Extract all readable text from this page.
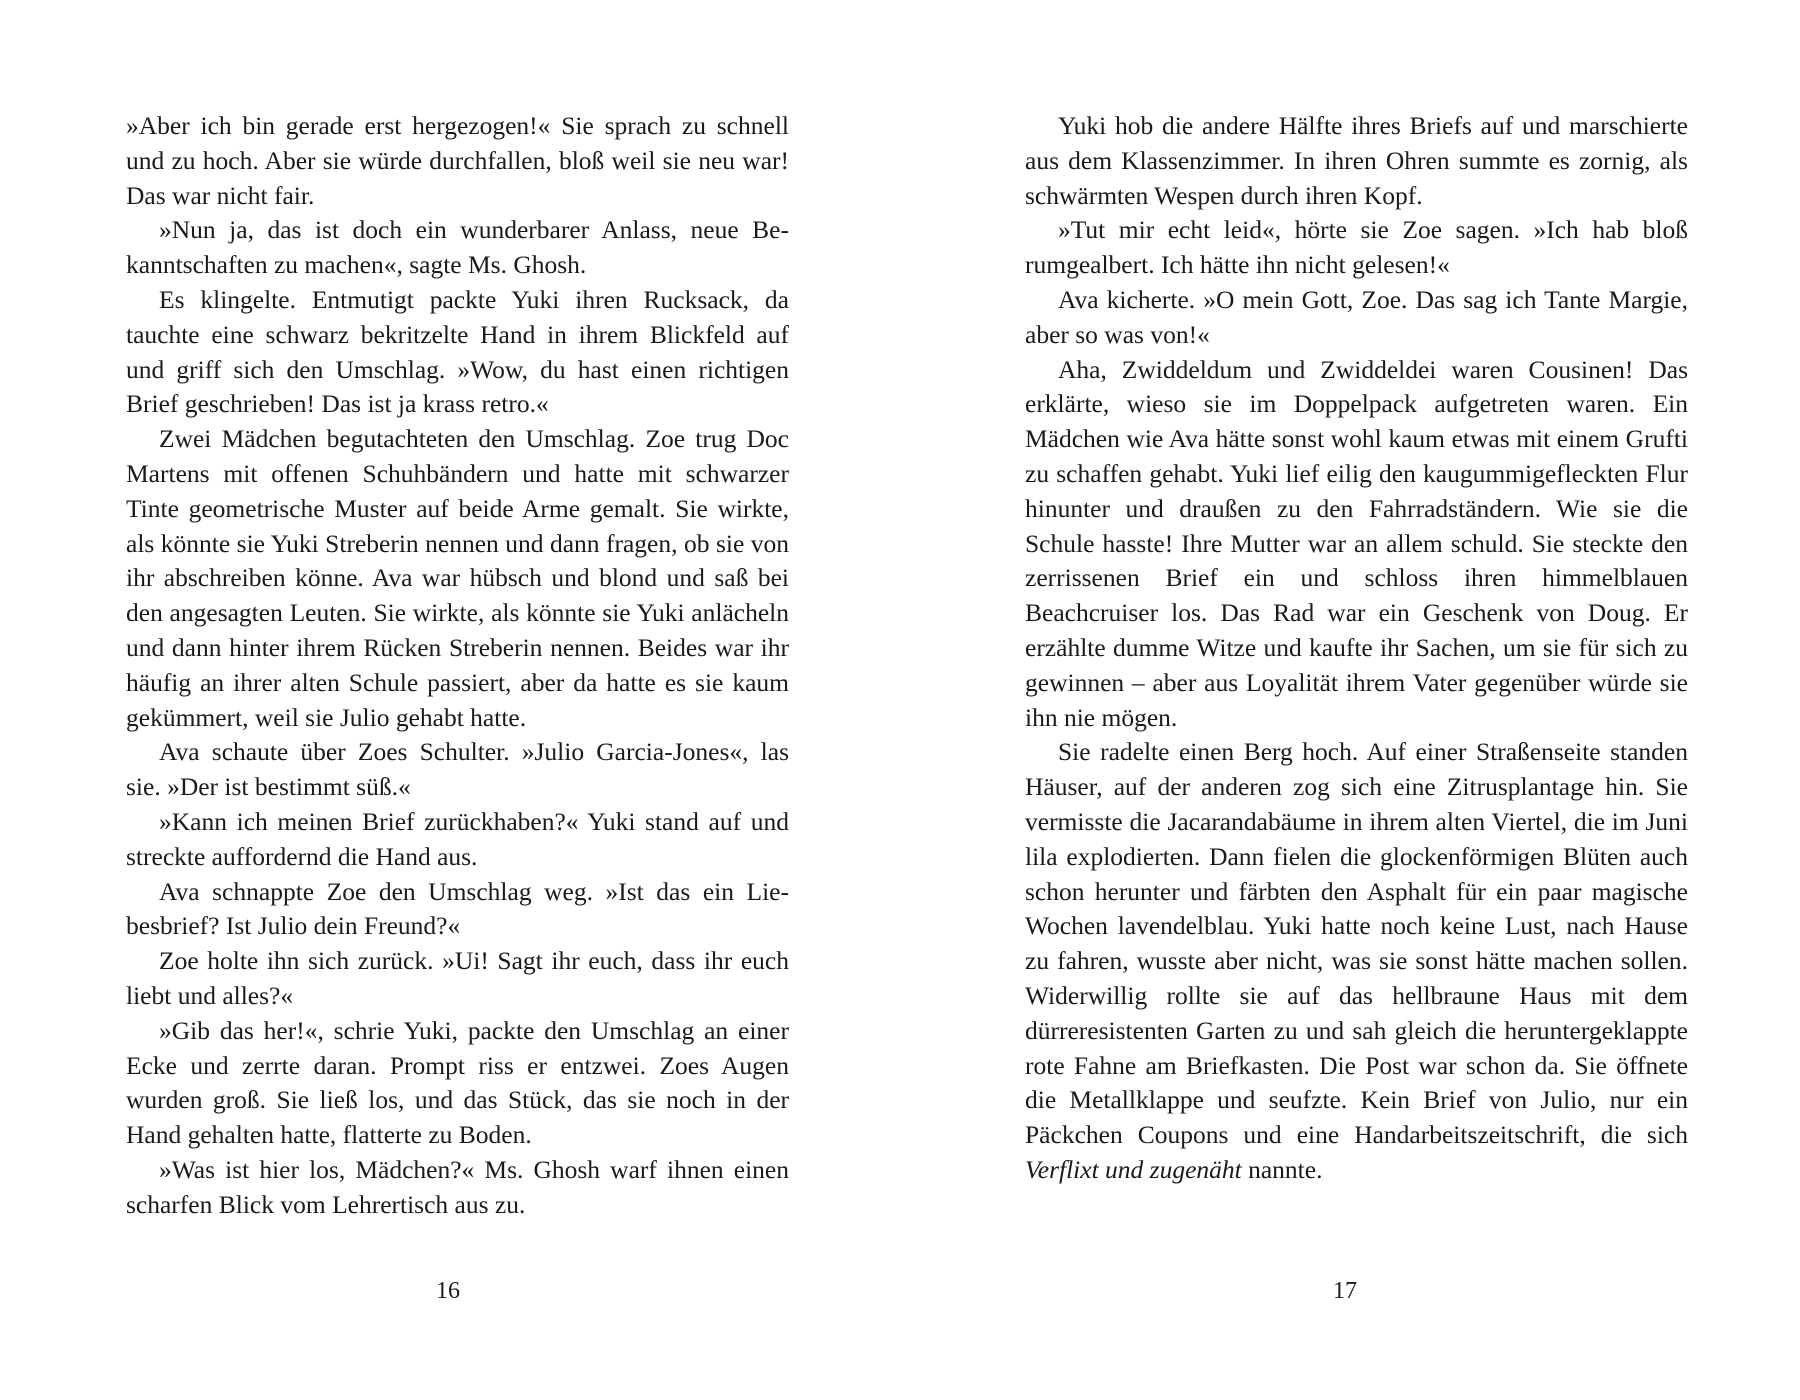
»Aber ich bin gerade erst hergezogen!« Sie sprach zu schnell und zu hoch. Aber sie würde durchfallen, bloß weil sie neu war! Das war nicht fair.

»Nun ja, das ist doch ein wunderbarer Anlass, neue Bekanntschaften zu machen«, sagte Ms. Ghosh.

Es klingelte. Entmutigt packte Yuki ihren Rucksack, da tauchte eine schwarz bekritzelte Hand in ihrem Blickfeld auf und griff sich den Umschlag. »Wow, du hast einen richtigen Brief geschrieben! Das ist ja krass retro.«

Zwei Mädchen begutachteten den Umschlag. Zoe trug Doc Martens mit offenen Schuhbändern und hatte mit schwarzer Tinte geometrische Muster auf beide Arme gemalt. Sie wirkte, als könnte sie Yuki Streberin nennen und dann fragen, ob sie von ihr abschreiben könne. Ava war hübsch und blond und saß bei den angesagten Leuten. Sie wirkte, als könnte sie Yuki anlächeln und dann hinter ihrem Rücken Streberin nennen. Beides war ihr häufig an ihrer alten Schule passiert, aber da hatte es sie kaum gekümmert, weil sie Julio gehabt hatte.

Ava schaute über Zoes Schulter. »Julio Garcia-Jones«, las sie. »Der ist bestimmt süß.«

»Kann ich meinen Brief zurückhaben?« Yuki stand auf und streckte auffordernd die Hand aus.

Ava schnappte Zoe den Umschlag weg. »Ist das ein Liebesbrief? Ist Julio dein Freund?«

Zoe holte ihn sich zurück. »Ui! Sagt ihr euch, dass ihr euch liebt und alles?«

»Gib das her!«, schrie Yuki, packte den Umschlag an einer Ecke und zerrte daran. Prompt riss er entzwei. Zoes Augen wurden groß. Sie ließ los, und das Stück, das sie noch in der Hand gehalten hatte, flatterte zu Boden.

»Was ist hier los, Mädchen?« Ms. Ghosh warf ihnen einen scharfen Blick vom Lehrertisch aus zu.

16

Yuki hob die andere Hälfte ihres Briefs auf und marschierte aus dem Klassenzimmer. In ihren Ohren summte es zornig, als schwärmten Wespen durch ihren Kopf.

»Tut mir echt leid«, hörte sie Zoe sagen. »Ich hab bloß rumgealbert. Ich hätte ihn nicht gelesen!«

Ava kicherte. »O mein Gott, Zoe. Das sag ich Tante Margie, aber so was von!«

Aha, Zwiddeldum und Zwiddeldei waren Cousinen! Das erklärte, wieso sie im Doppelpack aufgetreten waren. Ein Mädchen wie Ava hätte sonst wohl kaum etwas mit einem Grufti zu schaffen gehabt. Yuki lief eilig den kaugummigefleckten Flur hinunter und draußen zu den Fahrradständern. Wie sie die Schule hasste! Ihre Mutter war an allem schuld. Sie steckte den zerrissenen Brief ein und schloss ihren himmelblauen Beachcruiser los. Das Rad war ein Geschenk von Doug. Er erzählte dumme Witze und kaufte ihr Sachen, um sie für sich zu gewinnen – aber aus Loyalität ihrem Vater gegenüber würde sie ihn nie mögen.

Sie radelte einen Berg hoch. Auf einer Straßenseite standen Häuser, auf der anderen zog sich eine Zitrusplantage hin. Sie vermisste die Jacarandabäume in ihrem alten Viertel, die im Juni lila explodierten. Dann fielen die glockenförmigen Blüten auch schon herunter und färbten den Asphalt für ein paar magische Wochen lavendelblau. Yuki hatte noch keine Lust, nach Hause zu fahren, wusste aber nicht, was sie sonst hätte machen sollen. Widerwillig rollte sie auf das hellbraune Haus mit dem dürreresistenten Garten zu und sah gleich die heruntergeklappte rote Fahne am Briefkasten. Die Post war schon da. Sie öffnete die Metallklappe und seufzte. Kein Brief von Julio, nur ein Päckchen Coupons und eine Handarbeitszeitschrift, die sich Verflixt und zugenäht nannte.

17
